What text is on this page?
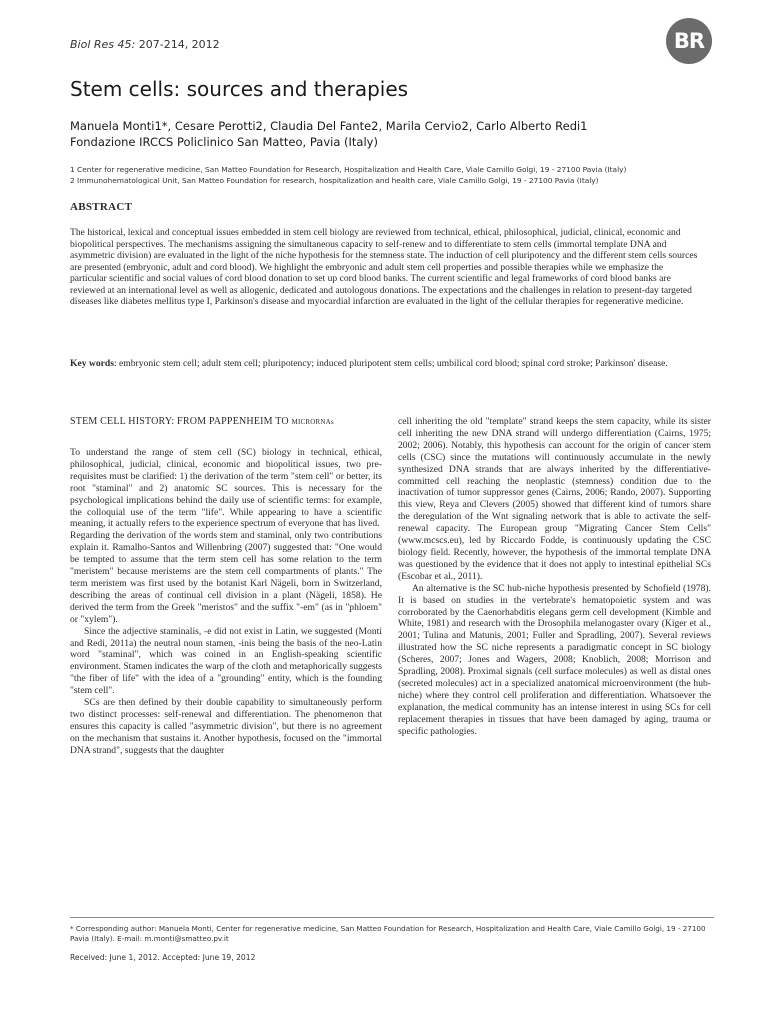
Biol Res 45: 207-214, 2012	BR
Stem cells: sources and therapies
Manuela Monti1*, Cesare Perotti2, Claudia Del Fante2, Marila Cervio2, Carlo Alberto Redi1
Fondazione IRCCS Policlinico San Matteo, Pavia (Italy)
1 Center for regenerative medicine, San Matteo Foundation for Research, Hospitalization and Health Care, Viale Camillo Golgi, 19 - 27100 Pavia (Italy)
2 Immunohematological Unit, San Matteo Foundation for research, hospitalization and health care, Viale Camillo Golgi, 19 - 27100 Pavia (Italy)
ABSTRACT
The historical, lexical and conceptual issues embedded in stem cell biology are reviewed from technical, ethical, philosophical, judicial, clinical, economic and biopolitical perspectives. The mechanisms assigning the simultaneous capacity to self-renew and to differentiate to stem cells (immortal template DNA and asymmetric division) are evaluated in the light of the niche hypothesis for the stemness state. The induction of cell pluripotency and the different stem cells sources are presented (embryonic, adult and cord blood). We highlight the embryonic and adult stem cell properties and possible therapies while we emphasize the particular scientific and social values of cord blood donation to set up cord blood banks. The current scientific and legal frameworks of cord blood banks are reviewed at an international level as well as allogenic, dedicated and autologous donations. The expectations and the challenges in relation to present-day targeted diseases like diabetes mellitus type I, Parkinson's disease and myocardial infarction are evaluated in the light of the cellular therapies for regenerative medicine.
Key words: embryonic stem cell; adult stem cell; pluripotency; induced pluripotent stem cells; umbilical cord blood; spinal cord stroke; Parkinson' disease.
STEM CELL HISTORY: FROM PAPPENHEIM TO MICRORNAs

To understand the range of stem cell (SC) biology in technical, ethical, philosophical, judicial, clinical, economic and biopolitical issues, two pre-requisites must be clarified: 1) the derivation of the term "stem cell" or better, its root "staminal" and 2) anatomic SC sources. This is necessary for the psychological implications behind the daily use of scientific terms: for example, the colloquial use of the term "life". While appearing to have a scientific meaning, it actually refers to the experience spectrum of everyone that has lived.

Regarding the derivation of the words stem and staminal, only two contributions explain it. Ramalho-Santos and Willenbring (2007) suggested that: "One would be tempted to assume that the term stem cell has some relation to the term "meristem" because meristems are the stem cell compartments of plants." The term meristem was first used by the botanist Karl Nägeli, born in Switzerland, describing the areas of continual cell division in a plant (Nägeli, 1858). He derived the term from the Greek "meristos" and the suffix "-em" (as in "phloem" or "xylem").

Since the adjective staminalis, -e did not exist in Latin, we suggested (Monti and Redi, 2011a) the neutral noun stamen, -inis being the basis of the neo-Latin word "staminal", which was coined in an English-speaking scientific environment. Stamen indicates the warp of the cloth and metaphorically suggests "the fiber of life" with the idea of a "grounding" entity, which is the founding "stem cell".

SCs are then defined by their double capability to simultaneously perform two distinct processes: self-renewal and differentiation. The phenomenon that ensures this capacity is called "asymmetric division", but there is no agreement on the mechanism that sustains it. Another hypothesis, focused on the "immortal DNA strand", suggests that the daughter

cell inheriting the old "template" strand keeps the stem capacity, while its sister cell inheriting the new DNA strand will undergo differentiation (Cairns, 1975; 2002; 2006). Notably, this hypothesis can account for the origin of cancer stem cells (CSC) since the mutations will continuously accumulate in the newly synthesized DNA strands that are always inherited by the differentiative-committed cell reaching the neoplastic (stemness) condition due to the inactivation of tumor suppressor genes (Cairns, 2006; Rando, 2007). Supporting this view, Reya and Clevers (2005) showed that different kind of tumors share the deregulation of the Wnt signaling network that is able to activate the self-renewal capacity. The European group "Migrating Cancer Stem Cells" (www.mcscs.eu), led by Riccardo Fodde, is continuously updating the CSC biology field. Recently, however, the hypothesis of the immortal template DNA was questioned by the evidence that it does not apply to intestinal epithelial SCs (Escobar et al., 2011).

An alternative is the SC hub-niche hypothesis presented by Schofield (1978). It is based on studies in the vertebrate's hematopoietic system and was corroborated by the Caenorhabditis elegans germ cell development (Kimble and White, 1981) and research with the Drosophila melanogaster ovary (Kiger et al., 2001; Tulina and Matunis, 2001; Fuller and Spradling, 2007). Several reviews illustrated how the SC niche represents a paradigmatic concept in SC biology (Scheres, 2007; Jones and Wagers, 2008; Knoblich, 2008; Morrison and Spradling, 2008). Proximal signals (cell surface molecules) as well as distal ones (secreted molecules) act in a specialized anatomical microenvironment (the hub-niche) where they control cell proliferation and differentiation. Whatsoever the explanation, the medical community has an intense interest in using SCs for cell replacement therapies in tissues that have been damaged by aging, trauma or specific pathologies.

* Corresponding author: Manuela Monti, Center for regenerative medicine, San Matteo Foundation for Research, Hospitalization and Health Care, Viale Camillo Golgi, 19 - 27100 Pavia (Italy). E-mail: m.monti@smatteo.pv.it
Received: June 1, 2012. Accepted: June 19, 2012
